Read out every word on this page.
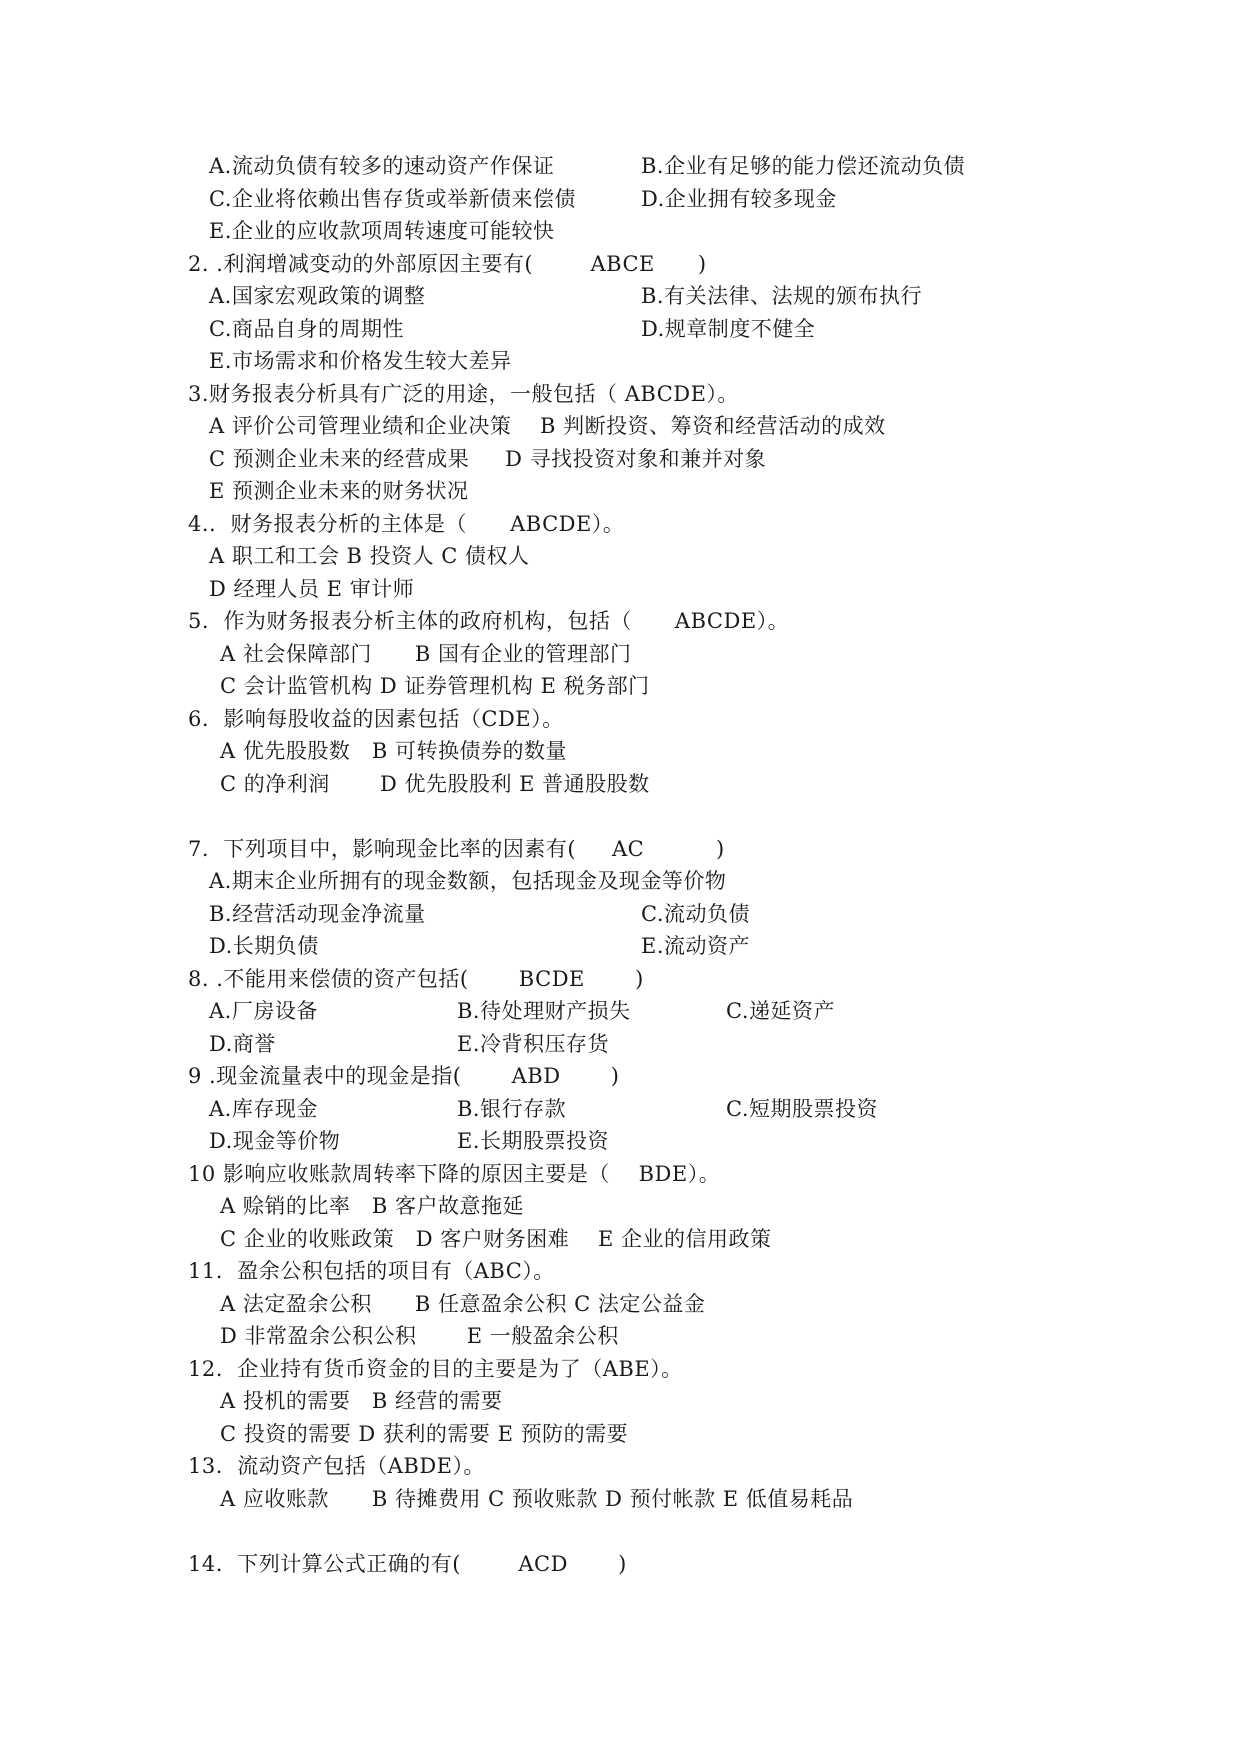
A.流动负债有较多的速动资产作保证	B.企业有足够的能力偿还流动负债
C.企业将依赖出售存货或举新债来偿债	D.企业拥有较多现金
E.企业的应收款项周转速度可能较快
2. .利润增减变动的外部原因主要有(        ABCE      )
A.国家宏观政策的调整	B.有关法律、法规的颁布执行
C.商品自身的周期性	D.规章制度不健全
E.市场需求和价格发生较大差异
3.财务报表分析具有广泛的用途，一般包括（ ABCDE）。
A 评价公司管理业绩和企业决策    B 判断投资、筹资和经营活动的成效
C 预测企业未来的经营成果     D 寻找投资对象和兼并对象
E 预测企业未来的财务状况
4..  财务报表分析的主体是（      ABCDE）。
A 职工和工会 B 投资人 C 债权人
D 经理人员 E 审计师
5.  作为财务报表分析主体的政府机构，包括（      ABCDE）。
A 社会保障部门      B 国有企业的管理部门
C 会计监管机构 D 证券管理机构 E 税务部门
6.  影响每股收益的因素包括（CDE）。
A 优先股股数   B 可转换债券的数量
C 的净利润       D 优先股股利 E 普通股股数
7.  下列项目中，影响现金比率的因素有(     AC          )
A.期末企业所拥有的现金数额，包括现金及现金等价物
B.经营活动现金净流量	C.流动负债
D.长期负债	E.流动资产
8. .不能用来偿债的资产包括(       BCDE       )
A.厂房设备	B.待处理财产损失	C.递延资产
D.商誉	E.冷背积压存货
9 .现金流量表中的现金是指(       ABD       )
A.库存现金	B.银行存款	C.短期股票投资
D.现金等价物	E.长期股票投资
10 影响应收账款周转率下降的原因主要是（    BDE）。
A 赊销的比率   B 客户故意拖延
C 企业的收账政策   D 客户财务困难    E 企业的信用政策
11.  盈余公积包括的项目有（ABC）。
A 法定盈余公积      B 任意盈余公积 C 法定公益金
D 非常盈余公积公积       E 一般盈余公积
12.  企业持有货币资金的目的主要是为了（ABE）。
A 投机的需要   B 经营的需要
C 投资的需要 D 获利的需要 E 预防的需要
13.  流动资产包括（ABDE）。
A 应收账款      B 待摊费用 C 预收账款 D 预付帐款 E 低值易耗品
14.  下列计算公式正确的有(        ACD       )
